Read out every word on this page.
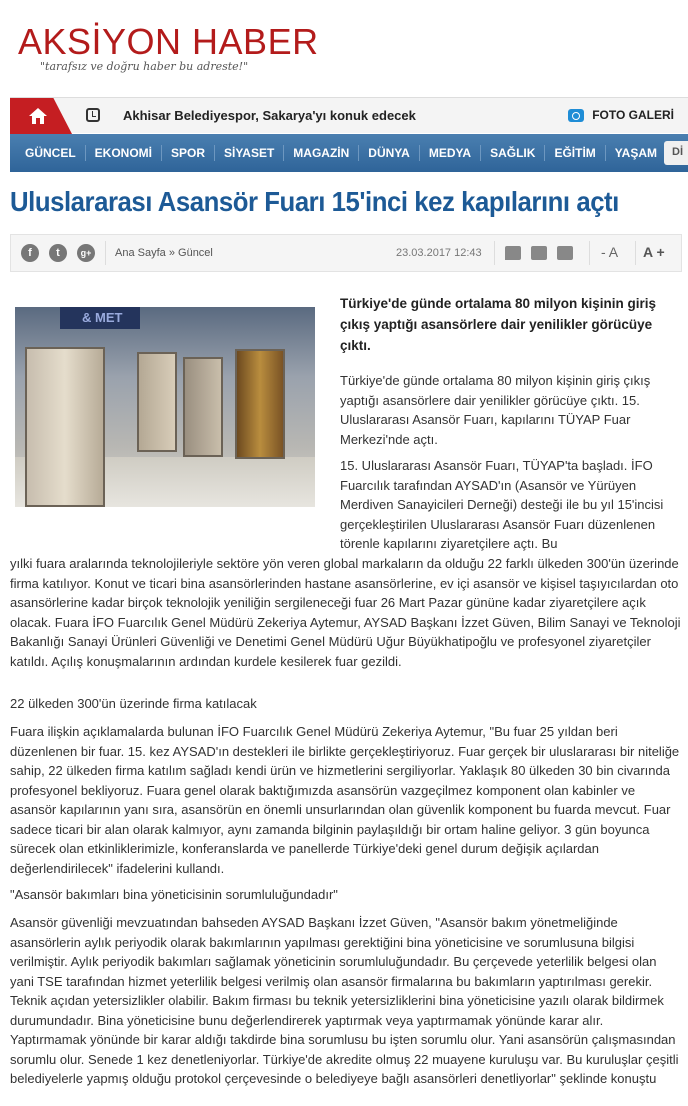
AKSİYON HABER
"tarafsız ve doğru haber bu adreste!"
Akhisar Belediyespor, Sakarya'yı konuk edecek	FOTO GALERİ
GÜNCEL	EKONOMİ	SPOR	SİYASET	MAGAZİN	DÜNYA	MEDYA	SAĞLIK	EĞİTİM	YAŞAM	Dİ
Uluslararası Asansör Fuarı 15'inci kez kapılarını açtı
f	t	g+	Ana Sayfa » Güncel	23.03.2017 12:43	- A A +
& MET

Türkiye'de günde ortalama 80 milyon kişinin giriş çıkış yaptığı asansörlere dair yenilikler görücüye çıktı.

Türkiye'de günde ortalama 80 milyon kişinin giriş çıkış yaptığı asansörlere dair yenilikler görücüye çıktı. 15. Uluslararası Asansör Fuarı, kapılarını TÜYAP Fuar Merkezi'nde açtı.

15. Uluslararası Asansör Fuarı, TÜYAP'ta başladı. İFO Fuarcılık tarafından AYSAD'ın (Asansör ve Yürüyen Merdiven Sanayicileri Derneği) desteği ile bu yıl 15'incisi gerçekleştirilen Uluslararası Asansör Fuarı düzenlenen törenle kapılarını ziyaretçilere açtı. Bu

yılki fuara aralarında teknolojileriyle sektöre yön veren global markaların da olduğu 22 farklı ülkeden 300'ün üzerinde firma katılıyor. Konut ve ticari bina asansörlerinden hastane asansörlerine, ev içi asansör ve kişisel taşıyıcılardan oto asansörlerine kadar birçok teknolojik yeniliğin sergileneceği fuar 26 Mart Pazar gününe kadar ziyaretçilere açık olacak. Fuara İFO Fuarcılık Genel Müdürü Zekeriya Aytemur, AYSAD Başkanı İzzet Güven, Bilim Sanayi ve Teknoloji Bakanlığı Sanayi Ürünleri Güvenliği ve Denetimi Genel Müdürü Uğur Büyükhatipoğlu ve profesyonel ziyaretçiler katıldı. Açılış konuşmalarının ardından kurdele kesilerek fuar gezildi.

22 ülkeden 300'ün üzerinde firma katılacak

Fuara ilişkin açıklamalarda bulunan İFO Fuarcılık Genel Müdürü Zekeriya Aytemur, "Bu fuar 25 yıldan beri düzenlenen bir fuar. 15. kez AYSAD'ın destekleri ile birlikte gerçekleştiriyoruz. Fuar gerçek bir uluslararası bir niteliğe sahip, 22 ülkeden firma katılım sağladı kendi ürün ve hizmetlerini sergiliyorlar. Yaklaşık 80 ülkeden 30 bin civarında profesyonel bekliyoruz. Fuara genel olarak baktığımızda asansörün vazgeçilmez komponent olan kabinler ve asansör kapılarının yanı sıra, asansörün en önemli unsurlarından olan güvenlik komponent bu fuarda mevcut. Fuar sadece ticari bir alan olarak kalmıyor, aynı zamanda bilginin paylaşıldığı bir ortam haline geliyor. 3 gün boyunca sürecek olan etkinliklerimizle, konferanslarda ve panellerde Türkiye'deki genel durum değişik açılardan değerlendirilecek" ifadelerini kullandı.

"Asansör bakımları bina yöneticisinin sorumluluğundadır"

Asansör güvenliği mevzuatından bahseden AYSAD Başkanı İzzet Güven, "Asansör bakım yönetmeliğinde asansörlerin aylık periyodik olarak bakımlarının yapılması gerektiğini bina yöneticisine ve sorumlusuna bilgisi verilmiştir. Aylık periyodik bakımları sağlamak yöneticinin sorumluluğundadır. Bu çerçevede yeterlilik belgesi olan yani TSE tarafından hizmet yeterlilik belgesi verilmiş olan asansör firmalarına bu bakımların yaptırılması gerekir. Teknik açıdan yetersizlikler olabilir. Bakım firması bu teknik yetersizliklerini bina yöneticisine yazılı olarak bildirmek durumundadır. Bina yöneticisine bunu değerlendirerek yaptırmak veya yaptırmamak yönünde karar alır. Yaptırmamak yönünde bir karar aldığı takdirde bina sorumlusu bu işten sorumlu olur. Yani asansörün çalışmasından sorumlu olur. Senede 1 kez denetleniyorlar. Türkiye'de akredite olmuş 22 muayene kuruluşu var. Bu kuruluşlar çeşitli belediyelerle yapmış olduğu protokol çerçevesinde o belediyeye bağlı asansörleri denetliyorlar" şeklinde konuştu
